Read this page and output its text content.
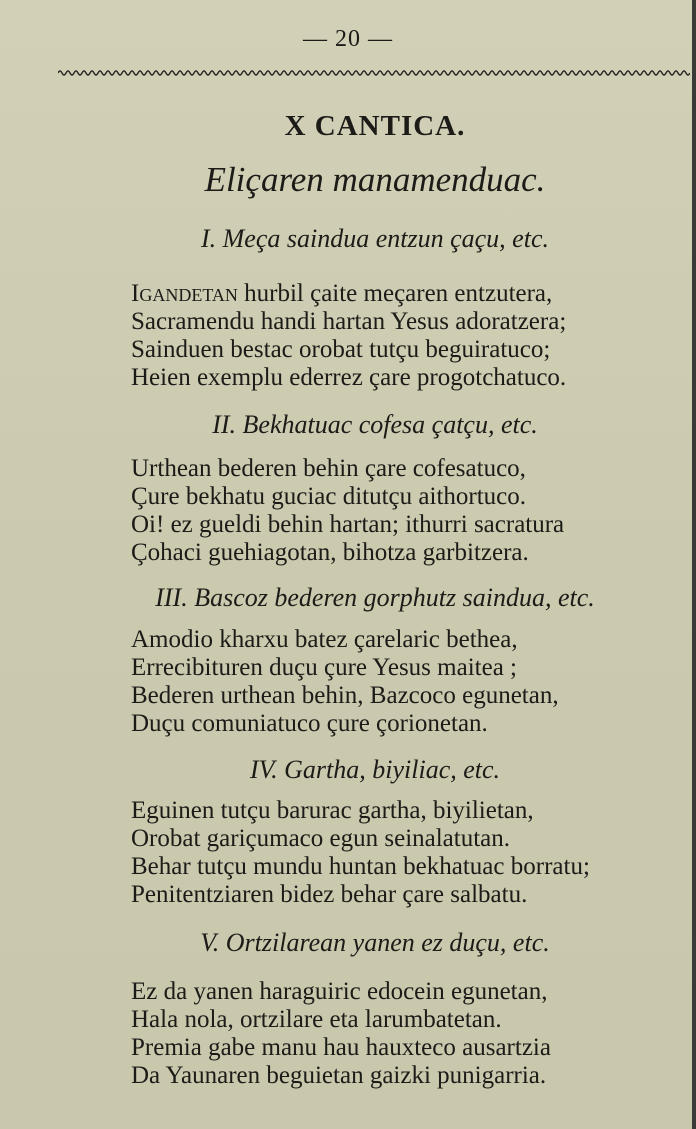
— 20 —
X CANTICA.
Eliçaren manamenduac.
I. Meça saindua entzun çaçu, etc.
Igandetan hurbil çaite meçaren entzutera,
Sacramendu handi hartan Yesus adoratzera;
Sainduen bestac orobat tutçu beguiratuco;
Heien exemplu ederrez çare progotchatuco.
II. Bekhatuac cofesa çatçu, etc.
Urthean bederen behin çare cofesatuco,
Çure bekhatu guciac ditutçu aithortuco.
Oi! ez gueldi behin hartan; ithurri sacratura
Çohaci guehiagotan, bihotza garbitzera.
III. Bascoz bederen gorphutz saindua, etc.
Amodio kharxu batez çarelaric bethea,
Errecibituren duçu çure Yesus maitea ;
Bederen urthean behin, Bazcoco egunetan,
Duçu comuniatuco çure çorionetan.
IV. Gartha, biyiliac, etc.
Eguinen tutçu barurac gartha, biyilietan,
Orobat gariçumaco egun seinalatutan.
Behar tutçu mundu huntan bekhatuac borratu;
Penitentziaren bidez behar çare salbatu.
V. Ortzilarean yanen ez duçu, etc.
Ez da yanen haraguiric edocein egunetan,
Hala nola, ortzilare eta larumbatetan.
Premia gabe manu hau hauxteco ausartzia
Da Yaunaren beguietan gaizki punigarria.
